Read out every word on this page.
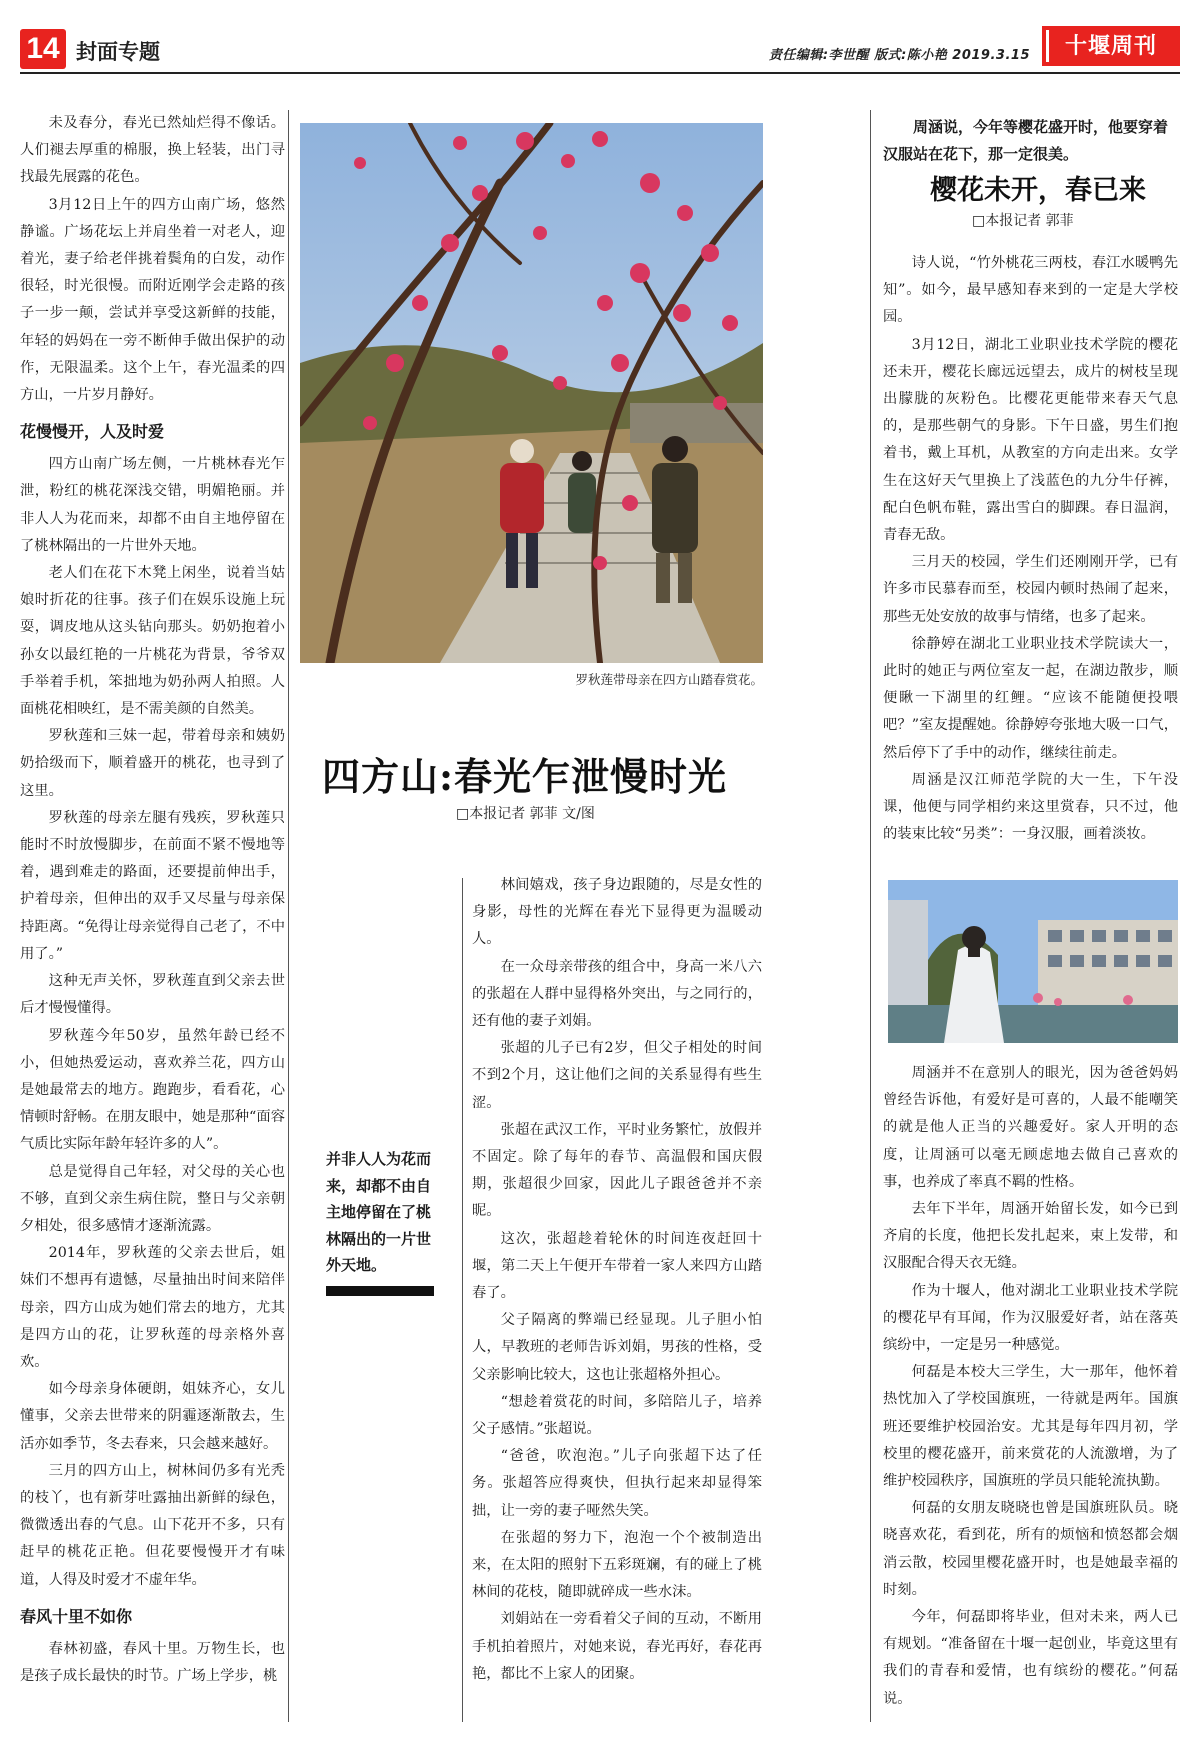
14 封面专题	责任编辑:李世醒 版式:陈小艳 2019.3.15	十堰周刊

未及春分，春光已然灿烂得不像话。人们褪去厚重的棉服，换上轻装，出门寻找最先展露的花色。

3月12日上午的四方山南广场，悠然静谧。广场花坛上并肩坐着一对老人，迎着光，妻子给老伴挑着鬓角的白发，动作很轻，时光很慢。而附近刚学会走路的孩子一步一颠，尝试并享受这新鲜的技能，年轻的妈妈在一旁不断伸手做出保护的动作，无限温柔。这个上午，春光温柔的四方山，一片岁月静好。

花慢慢开，人及时爱

四方山南广场左侧，一片桃林春光乍泄，粉红的桃花深浅交错，明媚艳丽。并非人人为花而来，却都不由自主地停留在了桃林隔出的一片世外天地。

老人们在花下木凳上闲坐，说着当姑娘时折花的往事。孩子们在娱乐设施上玩耍，调皮地从这头钻向那头。奶奶抱着小孙女以最红艳的一片桃花为背景，爷爷双手举着手机，笨拙地为奶孙两人拍照。人面桃花相映红，是不需美颜的自然美。

罗秋莲和三妹一起，带着母亲和姨奶奶拾级而下，顺着盛开的桃花，也寻到了这里。

罗秋莲的母亲左腿有残疾，罗秋莲只能时不时放慢脚步，在前面不紧不慢地等着，遇到难走的路面，还要提前伸出手，护着母亲，但伸出的双手又尽量与母亲保持距离。“免得让母亲觉得自己老了，不中用了。”

这种无声关怀，罗秋莲直到父亲去世后才慢慢懂得。

罗秋莲今年50岁，虽然年龄已经不小，但她热爱运动，喜欢养兰花，四方山是她最常去的地方。跑跑步，看看花，心情顿时舒畅。在朋友眼中，她是那种“面容气质比实际年龄年轻许多的人”。

总是觉得自己年轻，对父母的关心也不够，直到父亲生病住院，整日与父亲朝夕相处，很多感情才逐渐流露。

2014年，罗秋莲的父亲去世后，姐妹们不想再有遗憾，尽量抽出时间来陪伴母亲，四方山成为她们常去的地方，尤其是四方山的花，让罗秋莲的母亲格外喜欢。

如今母亲身体硬朗，姐妹齐心，女儿懂事，父亲去世带来的阴霾逐渐散去，生活亦如季节，冬去春来，只会越来越好。

三月的四方山上，树林间仍多有光秃的枝丫，也有新芽吐露抽出新鲜的绿色，微微透出春的气息。山下花开不多，只有赶早的桃花正艳。但花要慢慢开才有味道，人得及时爱才不虚年华。

春风十里不如你

春林初盛，春风十里。万物生长，也是孩子成长最快的时节。广场上学步，桃

罗秋莲带母亲在四方山踏春赏花。
四方山:春光乍泄慢时光
□本报记者 郭菲 文/图
并非人人为花而来，却都不由自主地停留在了桃林隔出的一片世外天地。

林间嬉戏，孩子身边跟随的，尽是女性的身影，母性的光辉在春光下显得更为温暖动人。

在一众母亲带孩的组合中，身高一米八六的张超在人群中显得格外突出，与之同行的，还有他的妻子刘娟。

张超的儿子已有2岁，但父子相处的时间不到2个月，这让他们之间的关系显得有些生涩。

张超在武汉工作，平时业务繁忙，放假并不固定。除了每年的春节、高温假和国庆假期，张超很少回家，因此儿子跟爸爸并不亲昵。

这次，张超趁着轮休的时间连夜赶回十堰，第二天上午便开车带着一家人来四方山踏春了。

父子隔离的弊端已经显现。儿子胆小怕人，早教班的老师告诉刘娟，男孩的性格，受父亲影响比较大，这也让张超格外担心。

“想趁着赏花的时间，多陪陪儿子，培养父子感情。”张超说。

“爸爸，吹泡泡。”儿子向张超下达了任务。张超答应得爽快，但执行起来却显得笨拙，让一旁的妻子哑然失笑。

在张超的努力下，泡泡一个个被制造出来，在太阳的照射下五彩斑斓，有的碰上了桃林间的花枝，随即就碎成一些水沫。

刘娟站在一旁看着父子间的互动，不断用手机拍着照片，对她来说，春光再好，春花再艳，都比不上家人的团聚。

周涵说，今年等樱花盛开时，他要穿着汉服站在花下，那一定很美。

樱花未开，春已来
□本报记者 郭菲

诗人说，“竹外桃花三两枝，春江水暖鸭先知”。如今，最早感知春来到的一定是大学校园。

3月12日，湖北工业职业技术学院的樱花还未开，樱花长廊远远望去，成片的树枝呈现出朦胧的灰粉色。比樱花更能带来春天气息的，是那些朝气的身影。下午日盛，男生们抱着书，戴上耳机，从教室的方向走出来。女学生在这好天气里换上了浅蓝色的九分牛仔裤，配白色帆布鞋，露出雪白的脚踝。春日温润，青春无敌。

三月天的校园，学生们还刚刚开学，已有许多市民慕春而至，校园内顿时热闹了起来，那些无处安放的故事与情绪，也多了起来。

徐静婷在湖北工业职业技术学院读大一，此时的她正与两位室友一起，在湖边散步，顺便瞅一下湖里的红鲤。“应该不能随便投喂吧？”室友提醒她。徐静婷夸张地大吸一口气，然后停下了手中的动作，继续往前走。

周涵是汉江师范学院的大一生，下午没课，他便与同学相约来这里赏春，只不过，他的装束比较“另类”：一身汉服，画着淡妆。

周涵并不在意别人的眼光，因为爸爸妈妈曾经告诉他，有爱好是可喜的，人最不能嘲笑的就是他人正当的兴趣爱好。家人开明的态度，让周涵可以毫无顾虑地去做自己喜欢的事，也养成了率真不羁的性格。

去年下半年，周涵开始留长发，如今已到齐肩的长度，他把长发扎起来，束上发带，和汉服配合得天衣无缝。

作为十堰人，他对湖北工业职业技术学院的樱花早有耳闻，作为汉服爱好者，站在落英缤纷中，一定是另一种感觉。

何磊是本校大三学生，大一那年，他怀着热忱加入了学校国旗班，一待就是两年。国旗班还要维护校园治安。尤其是每年四月初，学校里的樱花盛开，前来赏花的人流激增，为了维护校园秩序，国旗班的学员只能轮流执勤。

何磊的女朋友晓晓也曾是国旗班队员。晓晓喜欢花，看到花，所有的烦恼和愤怒都会烟消云散，校园里樱花盛开时，也是她最幸福的时刻。

今年，何磊即将毕业，但对未来，两人已有规划。“准备留在十堰一起创业，毕竟这里有我们的青春和爱情，也有缤纷的樱花。”何磊说。
